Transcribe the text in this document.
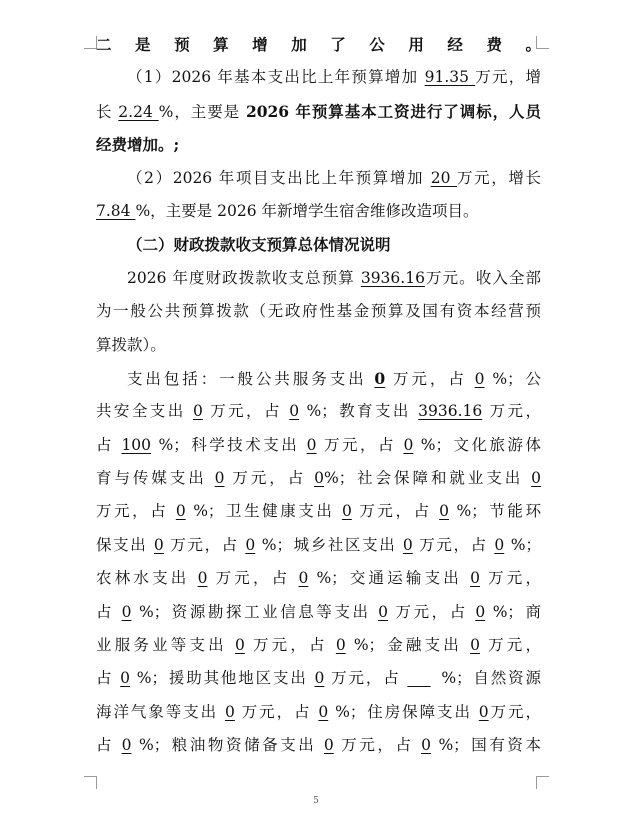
二是预算增加了公用经费。
（1）2026 年基本支出比上年预算增加 91.35 万元，增
长 2.24 %，主要是 2026 年预算基本工资进行了调标，人员
经费增加。;
（2）2026 年项目支出比上年预算增加 20 万元，增长
7.84 %，主要是 2026 年新增学生宿舍维修改造项目。
（二）财政拨款收支预算总体情况说明
2026 年度财政拨款收支总预算 3936.16万元。收入全部
为一般公共预算拨款（无政府性基金预算及国有资本经营预
算拨款）。
支出包括：一般公共服务支出 0 万元，占 0 %；公
共安全支出 0 万元，占 0 %；教育支出 3936.16 万元，
占 100 %；科学技术支出 0 万元，占 0 %；文化旅游体
育与传媒支出 0 万元，占 0%；社会保障和就业支出 0
万元，占 0 %；卫生健康支出 0 万元，占 0 %；节能环
保支出 0 万元，占 0 %；城乡社区支出 0 万元，占 0 %；
农林水支出 0 万元，占 0 %；交通运输支出 0 万元，
占 0 %；资源勘探工业信息等支出 0 万元，占 0 %；商
业服务业等支出 0 万元，占 0 %；金融支出 0 万元，
占 0 %；援助其他地区支出 0 万元，占   %；自然资源
海洋气象等支出 0 万元，占 0 %；住房保障支出 0万元，
占 0 %；粮油物资储备支出 0 万元，占 0 %；国有资本
5
